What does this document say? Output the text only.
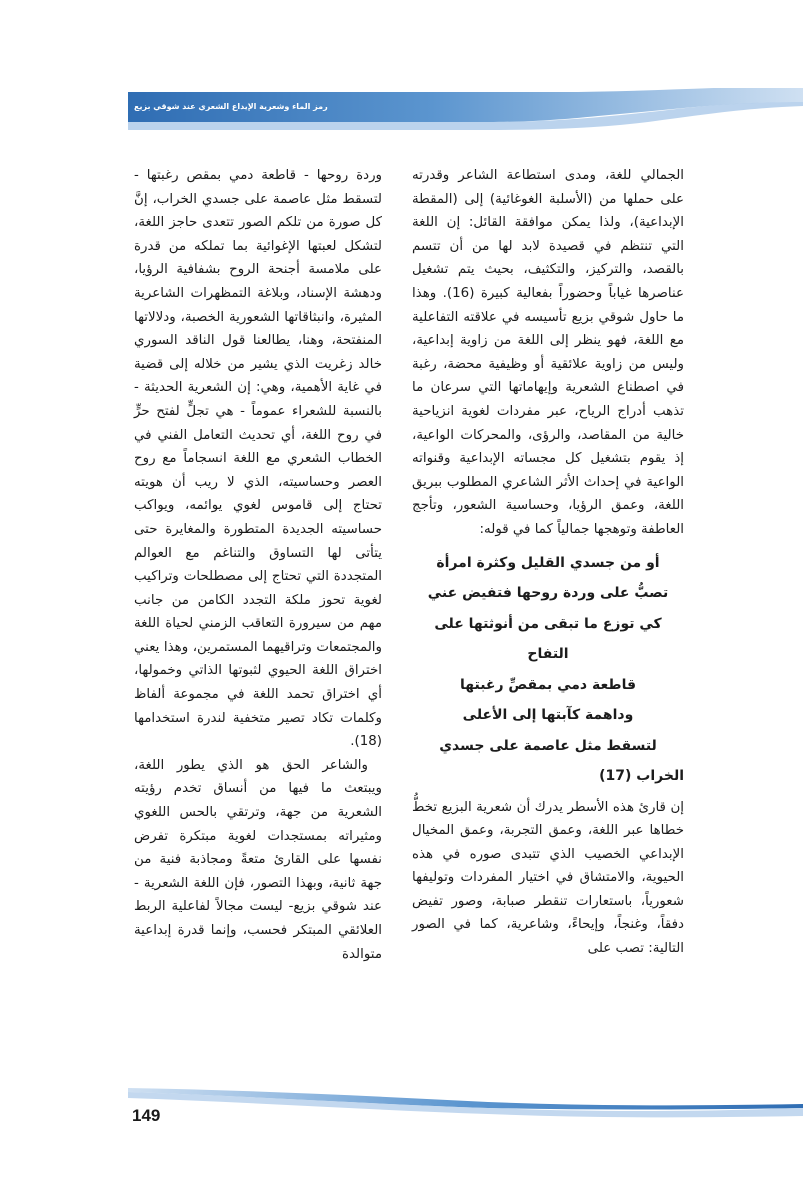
رمز الماء وشعرية الإيداع الشعري عند شوقي بزيع

الجمالي للغة، ومدى استطاعة الشاعر وقدرته على حملها من (الأسلبة الغوغائية) إلى (المقطة الإبداعية)، ولذا يمكن موافقة القائل: إن اللغة التي تنتظم في قصيدة لابد لها من أن تتسم بالقصد، والتركيز، والتكثيف، بحيث يتم تشغيل عناصرها غياباً وحضوراً بفعالية كبيرة (16). وهذا ما حاول شوقي بزيع تأسيسه في علاقته التفاعلية مع اللغة، فهو ينظر إلى اللغة من زاوية إبداعية، وليس من زاوية علائقية أو وظيفية محضة، رغبة في اصطناع الشعرية وإيهاماتها التي سرعان ما تذهب أدراج الرياح، عبر مفردات لغوية انزياحية خالية من المقاصد، والرؤى، والمحركات الواعية، إذ يقوم بتشغيل كل مجساته الإبداعية وقنواته الواعية في إحداث الأثر الشاعري المطلوب ببريق اللغة، وعمق الرؤيا، وحساسية الشعور، وتأجج العاطفة وتوهجها جمالياً كما في قوله:

أو من جسدي القليل وكثرة امرأة
تصبُّ على وردة روحها فتفيض عني
كي توزع ما تبقى من أنوثتها على التفاح
قاطعة دمي بمقصِّ رغبتها
وداهمة كآبتها إلى الأعلى
لتسقط مثل عاصمة على جسدي
الخراب (17)

إن قارئ هذه الأسطر يدرك أن شعرية البزيع تخطُّ خطاها عبر اللغة، وعمق التجربة، وعمق المخيال الإبداعي الخصيب الذي تتبدى صوره في هذه الحيوية، والامتشاق في اختيار المفردات وتوليفها شعورياً، باستعارات تنقطر صبابة، وصور تفيض دفقاً، وغنجاً، وإيحاءً، وشاعرية، كما في الصور التالية: تصب على

وردة روحها - قاطعة دمي بمقص رغبتها - لتسقط مثل عاصمة على جسدي الخراب، إنَّ كل صورة من تلكم الصور تتعدى حاجز اللغة، لتشكل لعبتها الإغوائية بما تملكه من قدرة على ملامسة أجنحة الروح بشفافية الرؤيا، ودهشة الإسناد، وبلاغة التمظهرات الشاعرية المثيرة، وانبثاقاتها الشعورية الخصبة، ودلالاتها المنفتحة، وهنا، يطالعنا قول الناقد السوري خالد زغريت الذي يشير من خلاله إلى قضية في غاية الأهمية، وهي: إن الشعرية الحديثة - بالنسبة للشعراء عموماً - هي تجلٍّ لفتح حرٍّ في روح اللغة، أي تحديث التعامل الفني في الخطاب الشعري مع اللغة انسجاماً مع روح العصر وحساسيته، الذي لا ريب أن هويته تحتاج إلى قاموس لغوي يوائمه، ويواكب حساسيته الجديدة المتطورة والمغايرة حتى يتأتى لها التساوق والتناغم مع العوالم المتجددة التي تحتاج إلى مصطلحات وتراكيب لغوية تحوز ملكة التجدد الكامن من جانب مهم من سيرورة التعاقب الزمني لحياة اللغة والمجتمعات وتراقيهما المستمرين، وهذا يعني اختراق اللغة الحيوي لثبوتها الذاتي وخمولها، أي اختراق تحمد اللغة في مجموعة ألفاظ وكلمات تكاد تصير متخفية لندرة استخدامها (18).

والشاعر الحق هو الذي يطور اللغة، ويبتعث ما فيها من أنساق تخدم رؤيته الشعرية من جهة، وترتقي بالحس اللغوي ومثيراته بمستجدات لغوية مبتكرة تفرض نفسها على القارئ متعةً ومجاذبة فنية من جهة ثانية، وبهذا التصور، فإن اللغة الشعرية - عند شوقي بزيع- ليست مجالاً لفاعلية الربط العلائقي المبتكر فحسب، وإنما قدرة إبداعية متوالدة

149
